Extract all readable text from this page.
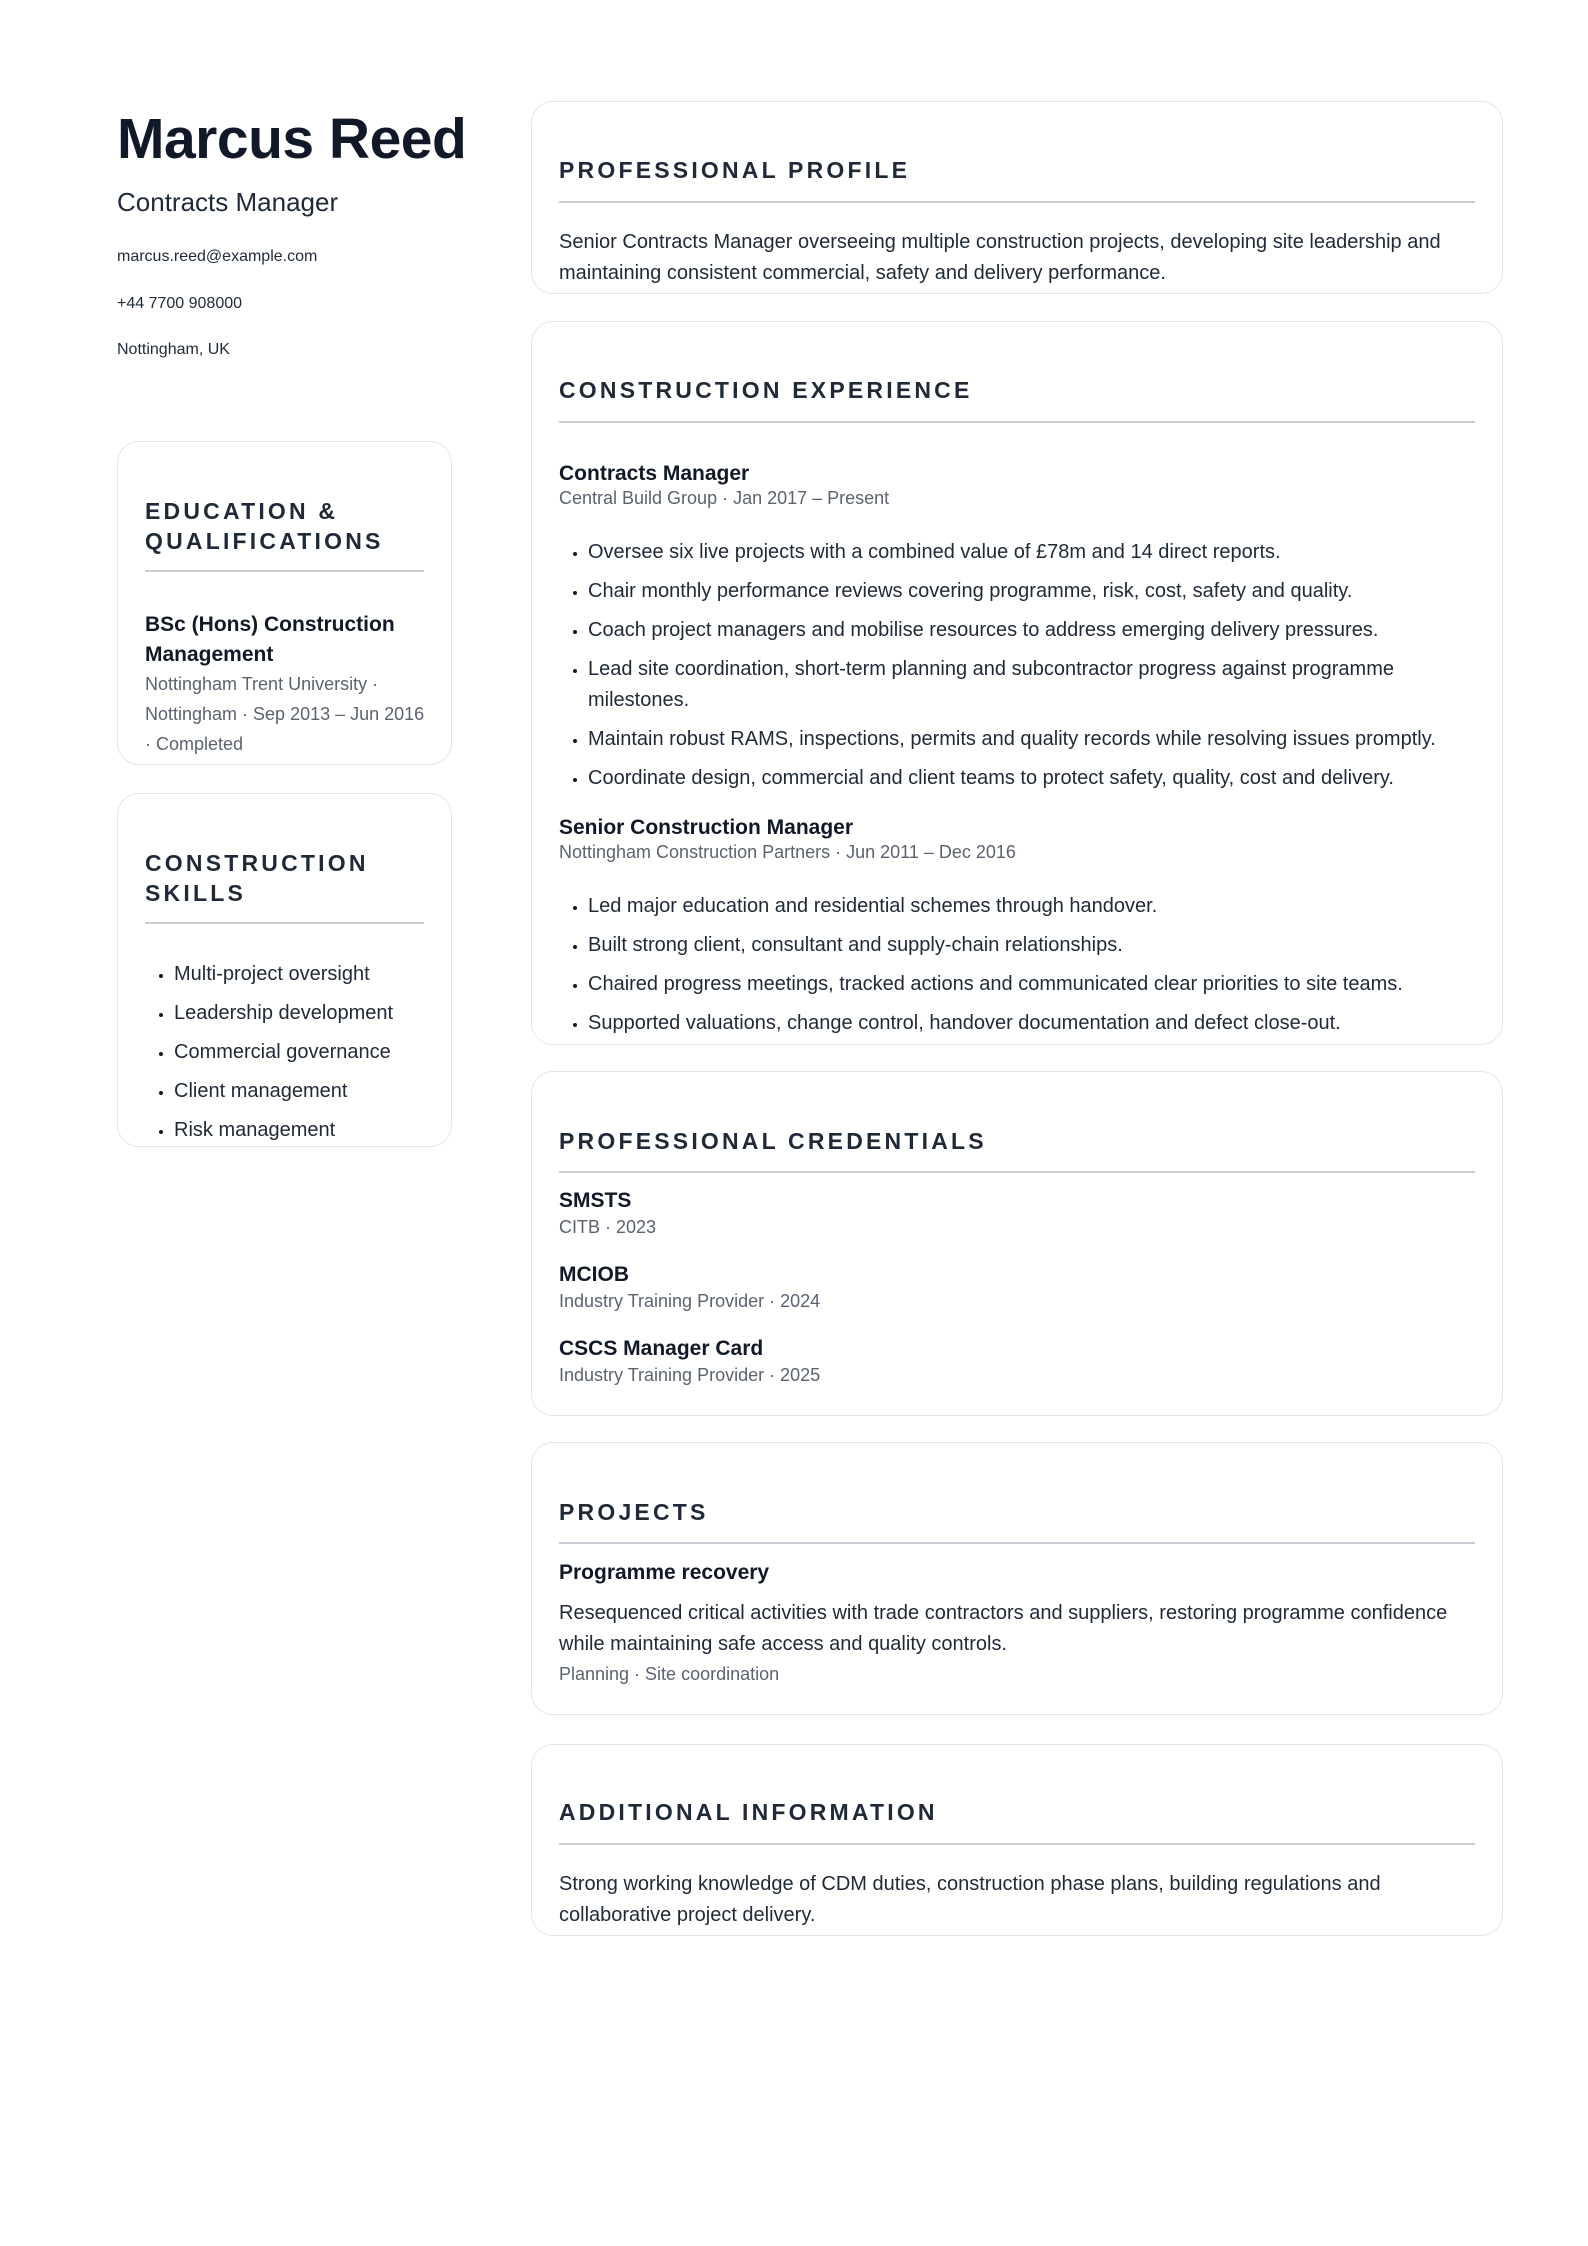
Marcus Reed
Contracts Manager
marcus.reed@example.com
+44 7700 908000
Nottingham, UK
EDUCATION &
QUALIFICATIONS
BSc (Hons) Construction
Management
Nottingham Trent University ·
Nottingham · Sep 2013 – Jun 2016
· Completed
CONSTRUCTION
SKILLS
• Multi-project oversight
• Leadership development
• Commercial governance
• Client management
• Risk management
PROFESSIONAL PROFILE
Senior Contracts Manager overseeing multiple construction projects, developing site leadership and
maintaining consistent commercial, safety and delivery performance.
CONSTRUCTION EXPERIENCE
Contracts Manager
Central Build Group · Jan 2017 – Present
• Oversee six live projects with a combined value of £78m and 14 direct reports.
• Chair monthly performance reviews covering programme, risk, cost, safety and quality.
• Coach project managers and mobilise resources to address emerging delivery pressures.
• Lead site coordination, short-term planning and subcontractor progress against programme milestones.
• Maintain robust RAMS, inspections, permits and quality records while resolving issues promptly.
• Coordinate design, commercial and client teams to protect safety, quality, cost and delivery.
Senior Construction Manager
Nottingham Construction Partners · Jun 2011 – Dec 2016
• Led major education and residential schemes through handover.
• Built strong client, consultant and supply-chain relationships.
• Chaired progress meetings, tracked actions and communicated clear priorities to site teams.
• Supported valuations, change control, handover documentation and defect close-out.
PROFESSIONAL CREDENTIALS
SMSTS
CITB · 2023
MCIOB
Industry Training Provider · 2024
CSCS Manager Card
Industry Training Provider · 2025
PROJECTS
Programme recovery
Resequenced critical activities with trade contractors and suppliers, restoring programme confidence
while maintaining safe access and quality controls.
Planning · Site coordination
ADDITIONAL INFORMATION
Strong working knowledge of CDM duties, construction phase plans, building regulations and
collaborative project delivery.
